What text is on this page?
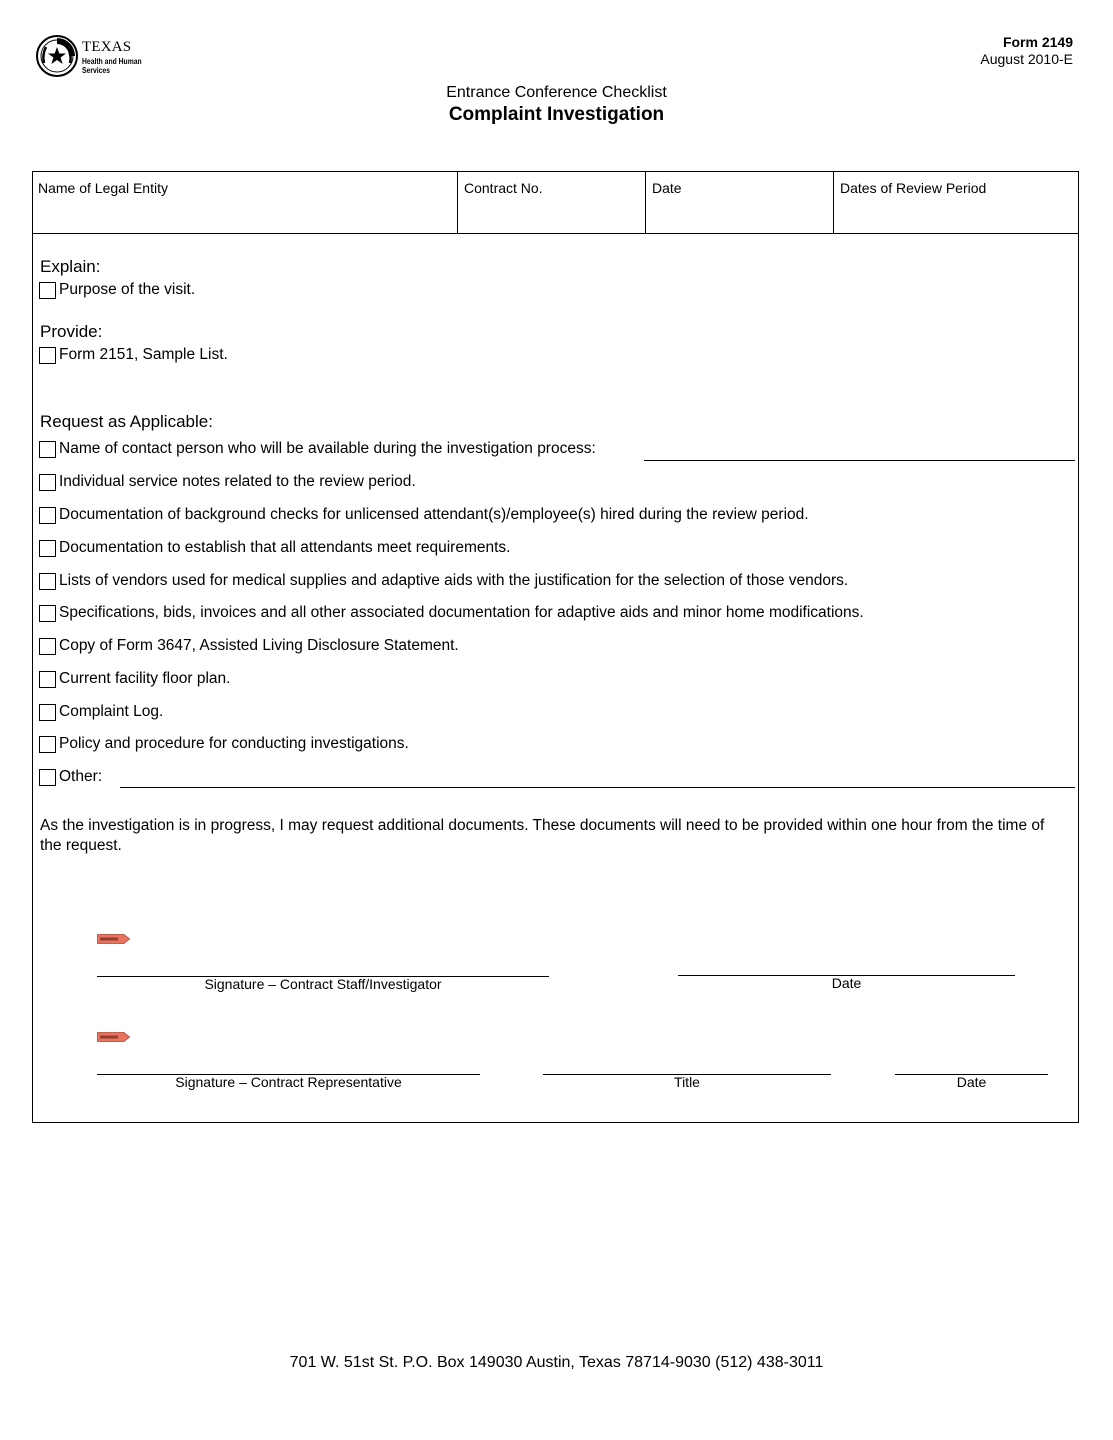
TEXAS
Health and Human
Services
Form 2149
August 2010-E
Entrance Conference Checklist
Complaint Investigation
Name of Legal Entity	Contract No.	Date	Dates of Review Period
Explain:
Purpose of the visit.
Provide:
Form 2151, Sample List.
Request as Applicable:
Name of contact person who will be available during the investigation process:
Individual service notes related to the review period.
Documentation of background checks for unlicensed attendant(s)/employee(s) hired during the review period.
Documentation to establish that all attendants meet requirements.
Lists of vendors used for medical supplies and adaptive aids with the justification for the selection of those vendors.
Specifications, bids, invoices and all other associated documentation for adaptive aids and minor home modifications.
Copy of Form 3647, Assisted Living Disclosure Statement.
Current facility floor plan.
Complaint Log.
Policy and procedure for conducting investigations.
Other:
As the investigation is in progress, I may request additional documents. These documents will need to be provided within one hour from the time of the request.
Signature – Contract Staff/Investigator	Date
Signature – Contract Representative	Title	Date
701 W. 51st St. P.O. Box 149030 Austin, Texas 78714-9030 (512) 438-3011
